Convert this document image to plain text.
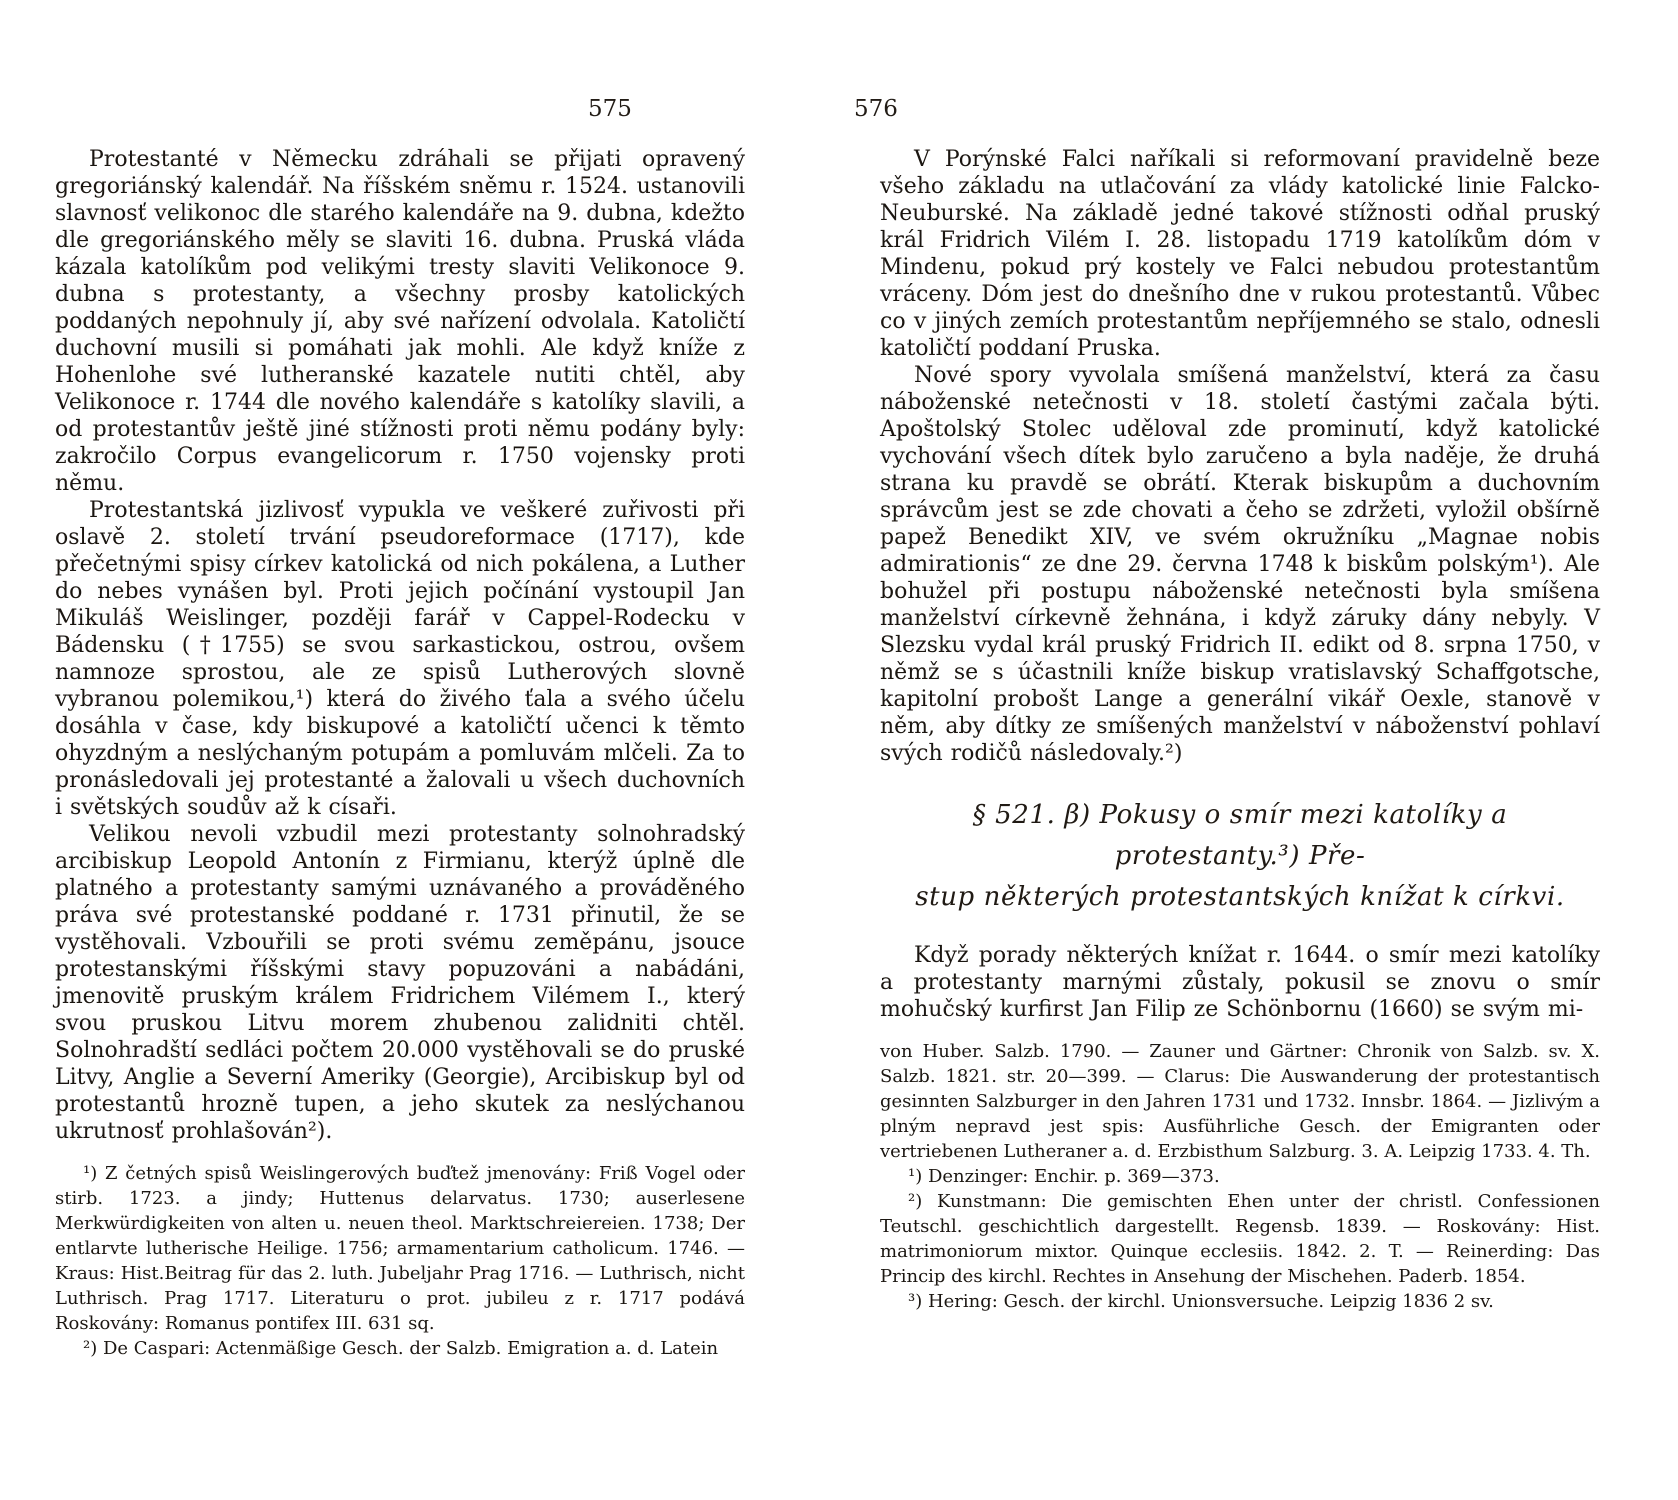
575

Protestanté v Německu zdráhali se přijati opravený gregoriánský kalendář. Na říšském sněmu r. 1524. ustanovili slavnosť velikonoc dle starého kalendáře na 9. dubna, kdežto dle gregoriánského měly se slaviti 16. dubna. Pruská vláda kázala katolíkům pod velikými tresty slaviti Velikonoce 9. dubna s protestanty, a všechny prosby katolických poddaných nepohnuly jí, aby své nařízení odvolala. Katoličtí duchovní musili si pomáhati jak mohli. Ale když kníže z Hohenlohe své lutheranské kazatele nutiti chtěl, aby Velikonoce r. 1744 dle nového kalendáře s katolíky slavili, a od protestantův ještě jiné stížnosti proti němu podány byly: zakročilo Corpus evangelicorum r. 1750 vojensky proti němu.

Protestantská jizlivosť vypukla ve veškeré zuřivosti při oslavě 2. století trvání pseudoreformace (1717), kde přečetnými spisy církev katolická od nich pokálena, a Luther do nebes vynášen byl. Proti jejich počínání vystoupil Jan Mikuláš Weislinger, později farář v Cappel-Rodecku v Bádensku (†1755) se svou sarkastickou, ostrou, ovšem namnoze sprostou, ale ze spisů Lutherových slovně vybranou polemikou,¹) která do živého ťala a svého účelu dosáhla v čase, kdy biskupové a katoličtí učenci k těmto ohyzdným a neslýchaným potupám a pomluvám mlčeli. Za to pronásledovali jej protestanté a žalovali u všech duchovních i světských soudův až k císaři.

Velikou nevoli vzbudil mezi protestanty solnohradský arcibiskup Leopold Antonín z Firmianu, kterýž úplně dle platného a protestanty samými uznávaného a prováděného práva své protestanské poddané r. 1731 přinutil, že se vystěhovali. Vzbouřili se proti svému zeměpánu, jsouce protestanskými říšskými stavy popuzováni a nabádáni, jmenovitě pruským králem Fridrichem Vilémem I., který svou pruskou Litvu morem zhubenou zalidniti chtěl. Solnohradští sedláci počtem 20.000 vystěhovali se do pruské Litvy, Anglie a Severní Ameriky (Georgie), Arcibiskup byl od protestantů hrozně tupen, a jeho skutek za neslýchanou ukrutnosť prohlašován²).

¹) Z četných spisů Weislingerových buďtež jmenovány: Friß Vogel oder stirb. 1723. a jindy; Huttenus delarvatus. 1730; auserlesene Merkwürdigkeiten von alten u. neuen theol. Marktschreiereien. 1738; Der entlarvte lutherische Heilige. 1756; armamentarium catholicum. 1746. — Kraus: Hist.Beitrag für das 2. luth. Jubeljahr Prag 1716. — Luthrisch, nicht Luthrisch. Prag 1717. Literaturu o prot. jubileu z r. 1717 podává Roskovány: Romanus pontifex III. 631 sq.

²) De Caspari: Actenmäßige Gesch. der Salzb. Emigration a. d. Latein

576

V Porýnské Falci naříkali si reformovaní pravidelně beze všeho základu na utlačování za vlády katolické linie Falcko-Neuburské. Na základě jedné takové stížnosti odňal pruský král Fridrich Vilém I. 28. listopadu 1719 katolíkům dóm v Mindenu, pokud prý kostely ve Falci nebudou protestantům vráceny. Dóm jest do dnešního dne v rukou protestantů. Vůbec co v jiných zemích protestantům nepříjemného se stalo, odnesli katoličtí poddaní Pruska.

Nové spory vyvolala smíšená manželství, která za času náboženské netečnosti v 18. století častými začala býti. Apoštolský Stolec uděloval zde prominutí, když katolické vychování všech dítek bylo zaručeno a byla naděje, že druhá strana ku pravdě se obrátí. Kterak biskupům a duchovním správcům jest se zde chovati a čeho se zdržeti, vyložil obšírně papež Benedikt XIV, ve svém okružníku „Magnae nobis admirationis“ ze dne 29. června 1748 k biskům polským¹). Ale bohužel při postupu náboženské netečnosti byla smíšena manželství církevně žehnána, i když záruky dány nebyly. V Slezsku vydal král pruský Fridrich II. edikt od 8. srpna 1750, v němž se s účastnili kníže biskup vratislavský Schaffgotsche, kapitolní probošt Lange a generální vikář Oexle, stanově v něm, aby dítky ze smíšených manželství v náboženství pohlaví svých rodičů následovaly.²)

§ 521. β) Pokusy o smír mezi katolíky a protestanty.³) Pře-
stup některých protestantských knížat k církvi.

Když porady některých knížat r. 1644. o smír mezi katolíky a protestanty marnými zůstaly, pokusil se znovu o smír mohučský kurfirst Jan Filip ze Schönbornu (1660) se svým mi-

von Huber. Salzb. 1790. — Zauner und Gärtner: Chronik von Salzb. sv. X. Salzb. 1821. str. 20—399. — Clarus: Die Auswanderung der protestantisch gesinnten Salzburger in den Jahren 1731 und 1732. Innsbr. 1864. — Jizlivým a plným nepravd jest spis: Ausführliche Gesch. der Emigranten oder vertriebenen Lutheraner a. d. Erzbisthum Salzburg. 3. A. Leipzig 1733. 4. Th.

¹) Denzinger: Enchir. p. 369—373.

²) Kunstmann: Die gemischten Ehen unter der christl. Confessionen Teutschl. geschichtlich dargestellt. Regensb. 1839. — Roskovány: Hist. matrimoniorum mixtor. Quinque ecclesiis. 1842. 2. T. — Reinerding: Das Princip des kirchl. Rechtes in Ansehung der Mischehen. Paderb. 1854.

³) Hering: Gesch. der kirchl. Unionsversuche. Leipzig 1836 2 sv.
